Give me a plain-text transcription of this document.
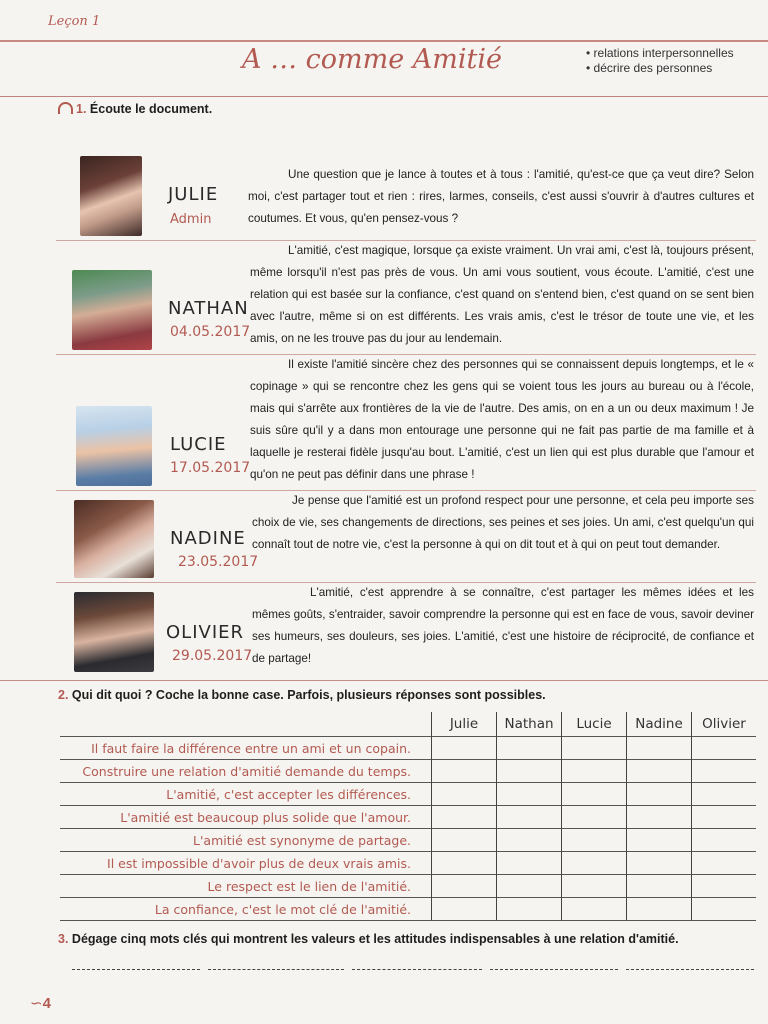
Leçon 1
A … comme Amitié	• relations interpersonnelles
• décrire des personnes
1. Écoute le document.
JULIE
Admin
Une question que je lance à toutes et à tous : l'amitié, qu'est-ce que ça veut dire? Selon moi, c'est partager tout et rien : rires, larmes, conseils, c'est aussi s'ouvrir à d'autres cultures et coutumes. Et vous, qu'en pensez-vous ?
NATHAN
04.05.2017
L'amitié, c'est magique, lorsque ça existe vraiment. Un vrai ami, c'est là, toujours présent, même lorsqu'il n'est pas près de vous. Un ami vous soutient, vous écoute. L'amitié, c'est une relation qui est basée sur la confiance, c'est quand on s'entend bien, c'est quand on se sent bien avec l'autre, même si on est différents. Les vrais amis, c'est le trésor de toute une vie, et les amis, on ne les trouve pas du jour au lendemain.
LUCIE
17.05.2017
Il existe l'amitié sincère chez des personnes qui se connaissent depuis longtemps, et le « copinage » qui se rencontre chez les gens qui se voient tous les jours au bureau ou à l'école, mais qui s'arrête aux frontières de la vie de l'autre. Des amis, on en a un ou deux maximum ! Je suis sûre qu'il y a dans mon entourage une personne qui ne fait pas partie de ma famille et à laquelle je resterai fidèle jusqu'au bout. L'amitié, c'est un lien qui est plus durable que l'amour et qu'on ne peut pas définir dans une phrase !
NADINE
23.05.2017
Je pense que l'amitié est un profond respect pour une personne, et cela peu importe ses choix de vie, ses changements de directions, ses peines et ses joies. Un ami, c'est quelqu'un qui connaît tout de notre vie, c'est la personne à qui on dit tout et à qui on peut tout demander.
OLIVIER
29.05.2017
L'amitié, c'est apprendre à se connaître, c'est partager les mêmes idées et les mêmes goûts, s'entraider, savoir comprendre la personne qui est en face de vous, savoir deviner ses humeurs, ses douleurs, ses joies. L'amitié, c'est une histoire de réciprocité, de confiance et de partage!
2. Qui dit quoi ? Coche la bonne case. Parfois, plusieurs réponses sont possibles.
	Julie	Nathan	Lucie	Nadine	Olivier
Il faut faire la différence entre un ami et un copain.					
Construire une relation d'amitié demande du temps.					
L'amitié, c'est accepter les différences.					
L'amitié est beaucoup plus solide que l'amour.					
L'amitié est synonyme de partage.					
Il est impossible d'avoir plus de deux vrais amis.					
Le respect est le lien de l'amitié.					
La confiance, c'est le mot clé de l'amitié.					
3. Dégage cinq mots clés qui montrent les valeurs et les attitudes indispensables à une relation d'amitié.
∽4
